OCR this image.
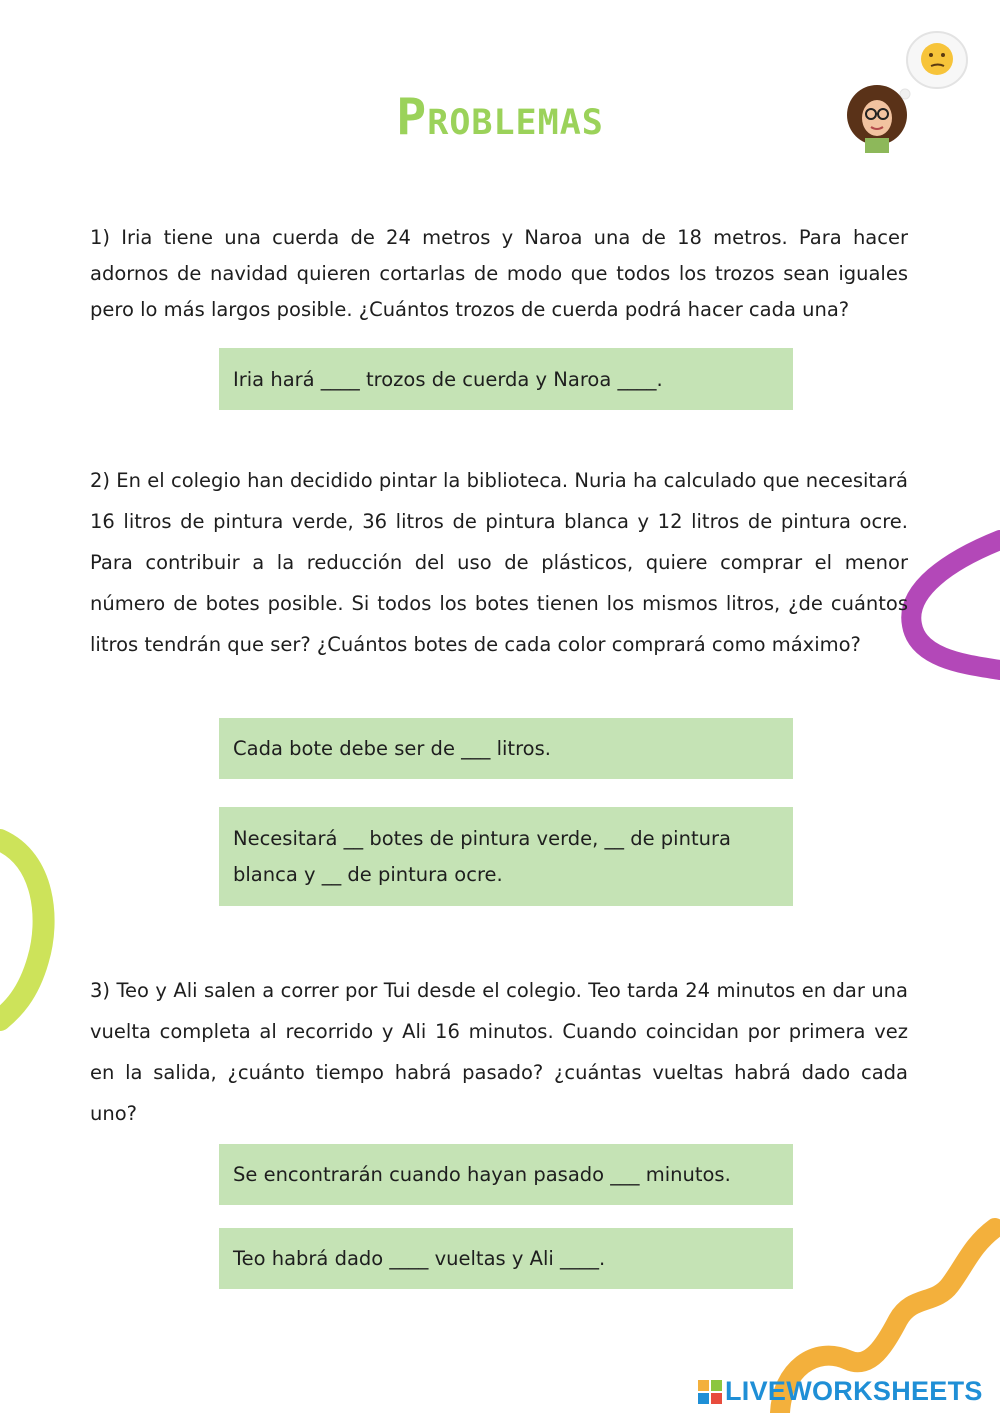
Problemas

1) Iria tiene una cuerda de 24 metros y Naroa una de 18 metros. Para hacer adornos de navidad quieren cortarlas de modo que todos los trozos sean iguales pero lo más largos posible. ¿Cuántos trozos de cuerda podrá hacer cada una?

Iria hará ____ trozos de cuerda y Naroa ____.

2) En el colegio han decidido pintar la biblioteca. Nuria ha calculado que necesitará 16 litros de pintura verde, 36 litros de pintura blanca y 12 litros de pintura ocre. Para contribuir a la reducción del uso de plásticos, quiere comprar el menor número de botes posible. Si todos los botes tienen los mismos litros, ¿de cuántos litros tendrán que ser? ¿Cuántos botes de cada color comprará como máximo?

Cada bote debe ser de ___ litros.
Necesitará __ botes de pintura verde, __ de pintura blanca y __ de pintura ocre.

3) Teo y Ali salen a correr por Tui desde el colegio. Teo tarda 24 minutos en dar una vuelta completa al recorrido y Ali 16 minutos. Cuando coincidan por primera vez en la salida, ¿cuánto tiempo habrá pasado? ¿cuántas vueltas habrá dado cada uno?

Se encontrarán cuando hayan pasado ___ minutos.
Teo habrá dado ____ vueltas y Ali ____.
LIVEWORKSHEETS
